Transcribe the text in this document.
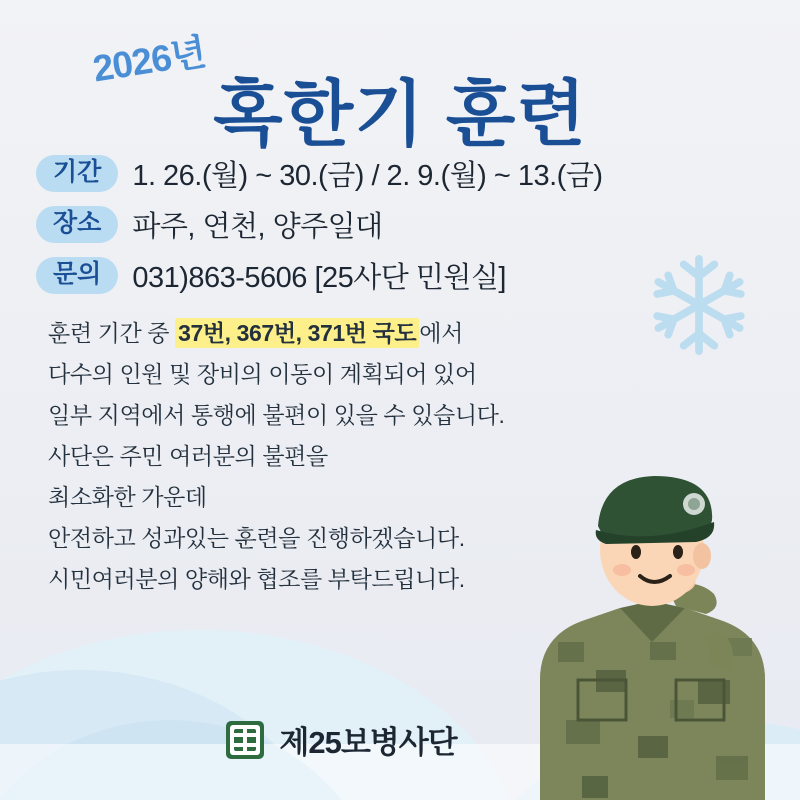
2026년
혹한기 훈련
기간	1. 26.(월) ~ 30.(금) / 2. 9.(월) ~ 13.(금)
장소	파주, 연천, 양주일대
문의	031)863-5606 [25사단 민원실]
훈련 기간 중 37번, 367번, 371번 국도 에서
다수의 인원 및 장비의 이동이 계획되어 있어
일부 지역에서 통행에 불편이 있을 수 있습니다.
사단은 주민 여러분의 불편을
최소화한 가운데
안전하고 성과있는 훈련을 진행하겠습니다.
시민여러분의 양해와 협조를 부탁드립니다.
제25보병사단
